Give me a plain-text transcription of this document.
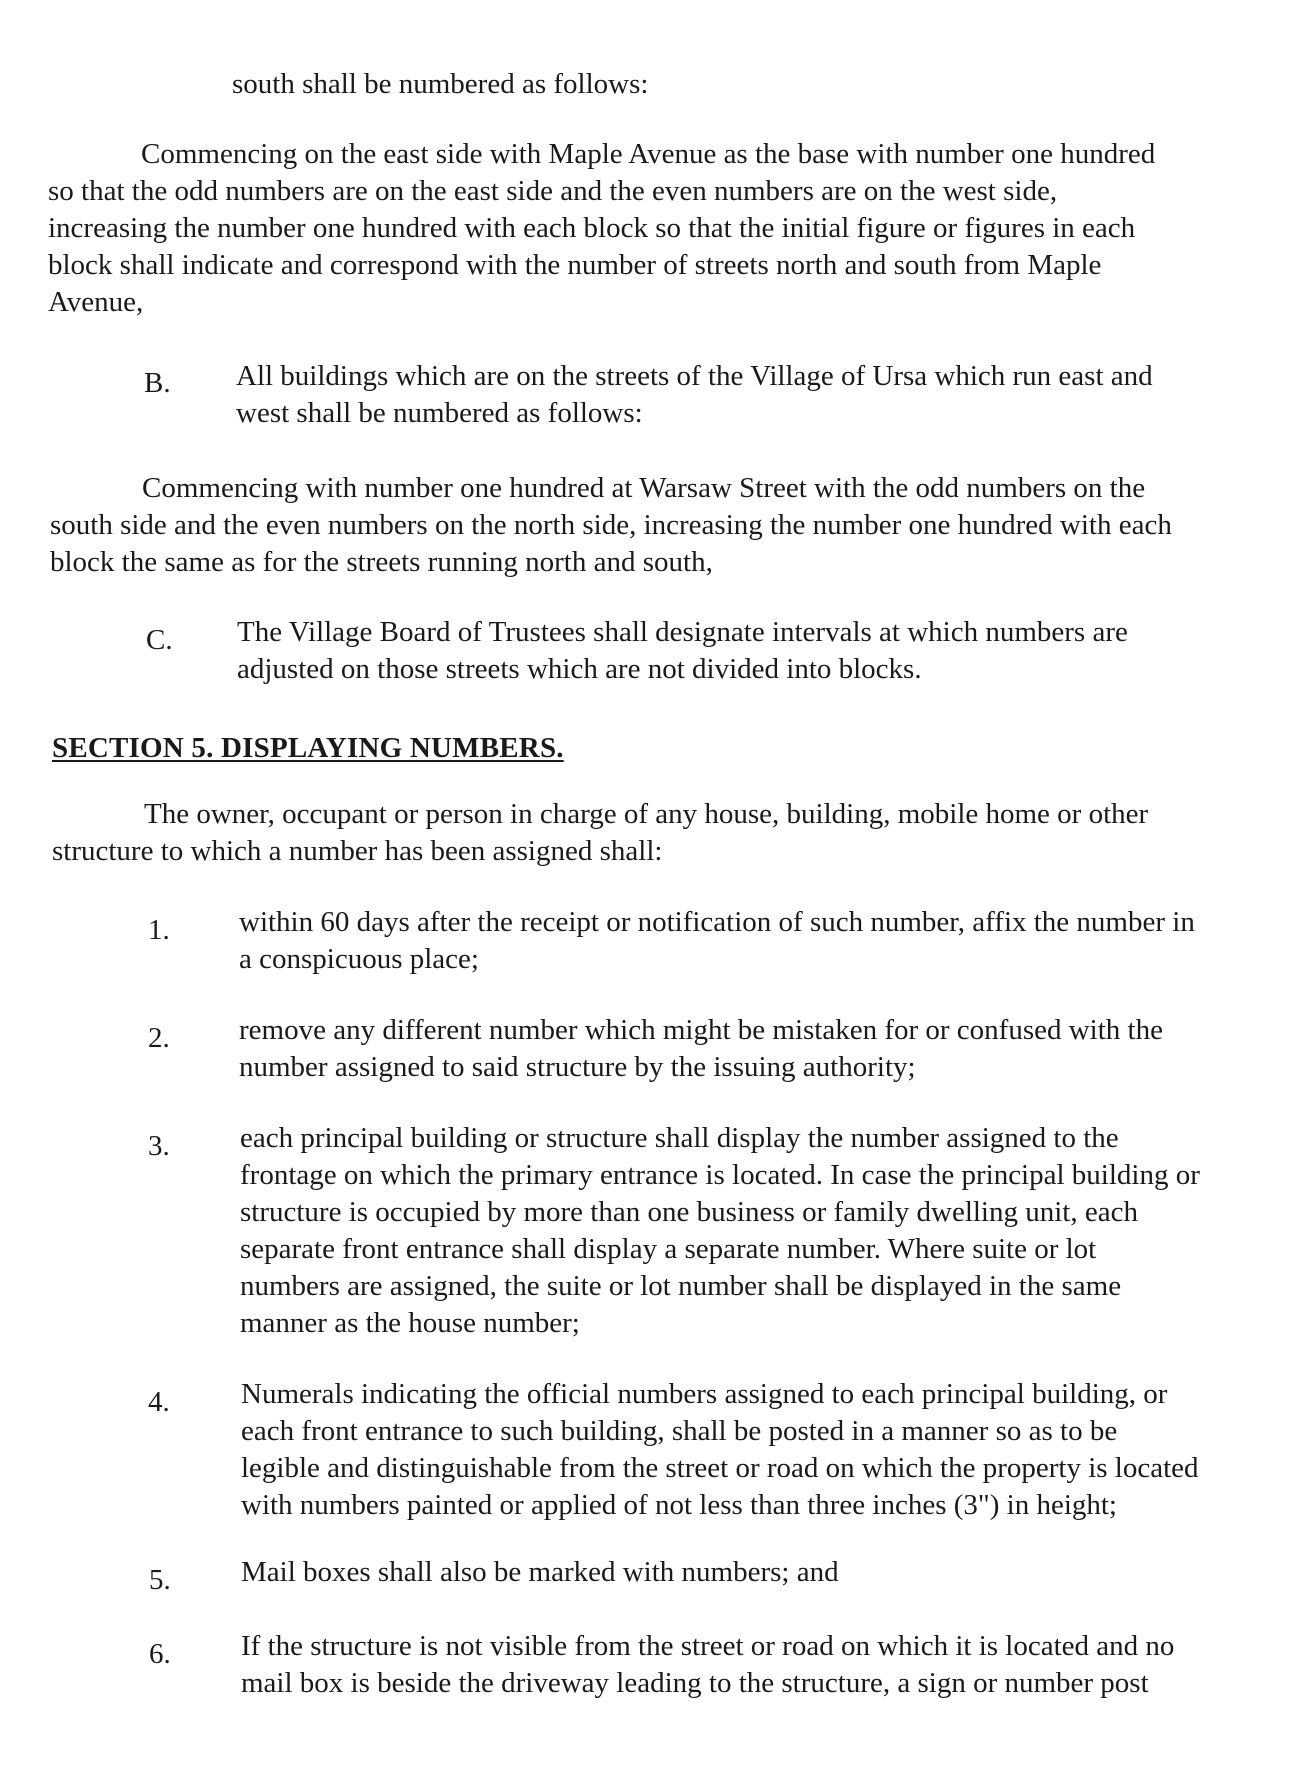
south shall be numbered as follows:
Commencing on the east side with Maple Avenue as the base with number one hundred
so that the odd numbers are on the east side and the even numbers are on the west side,
increasing the number one hundred with each block so that the initial figure or figures in each
block shall indicate and correspond with the number of streets north and south from Maple
Avenue,
B. All buildings which are on the streets of the Village of Ursa which run east and
west shall be numbered as follows:
Commencing with number one hundred at Warsaw Street with the odd numbers on the
south side and the even numbers on the north side, increasing the number one hundred with each
block the same as for the streets running north and south,
C. The Village Board of Trustees shall designate intervals at which numbers are
adjusted on those streets which are not divided into blocks.
SECTION 5. DISPLAYING NUMBERS.
The owner, occupant or person in charge of any house, building, mobile home or other
structure to which a number has been assigned shall:
1. within 60 days after the receipt or notification of such number, affix the number in
a conspicuous place;
2. remove any different number which might be mistaken for or confused with the
number assigned to said structure by the issuing authority;
3. each principal building or structure shall display the number assigned to the
frontage on which the primary entrance is located. In case the principal building or
structure is occupied by more than one business or family dwelling unit, each
separate front entrance shall display a separate number. Where suite or lot
numbers are assigned, the suite or lot number shall be displayed in the same
manner as the house number;
4. Numerals indicating the official numbers assigned to each principal building, or
each front entrance to such building, shall be posted in a manner so as to be
legible and distinguishable from the street or road on which the property is located
with numbers painted or applied of not less than three inches (3") in height;
5. Mail boxes shall also be marked with numbers; and
6. If the structure is not visible from the street or road on which it is located and no
mail box is beside the driveway leading to the structure, a sign or number post
